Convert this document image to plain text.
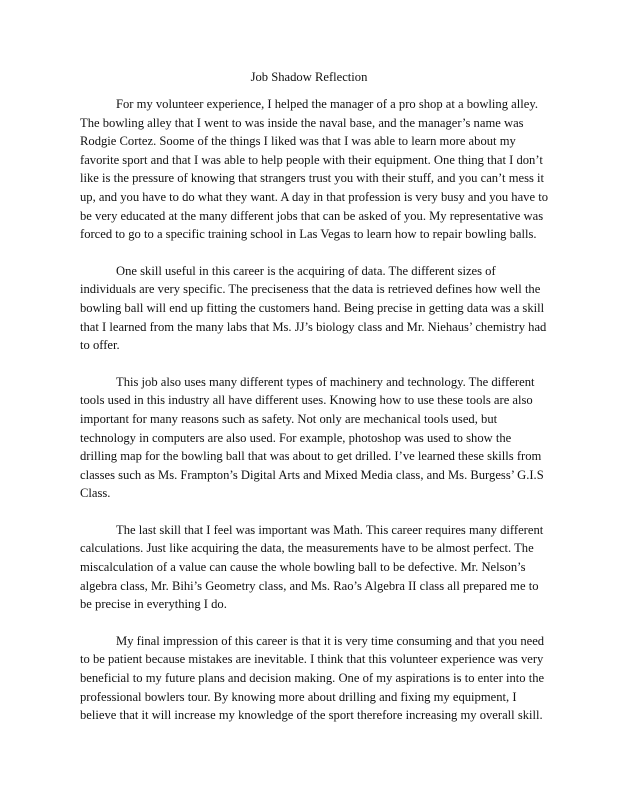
Job Shadow Reflection

For my volunteer experience, I helped the manager of a pro shop at a bowling alley. The bowling alley that I went to was inside the naval base, and the manager’s name was Rodgie Cortez. Soome of the things I liked was that I was able to learn more about my favorite sport and that I was able to help people with their equipment. One thing that I don’t like is the pressure of knowing that strangers trust you with their stuff, and you can’t mess it up, and you have to do what they want. A day in that profession is very busy and you have to be very educated at the many different jobs that can be asked of you. My representative was forced to go to a specific training school in Las Vegas to learn how to repair bowling balls.

One skill useful in this career is the acquiring of data. The different sizes of individuals are very specific. The preciseness that the data is retrieved defines how well the bowling ball will end up fitting the customers hand. Being precise in getting data was a skill that I learned from the many labs that Ms. JJ’s biology class and Mr. Niehaus’ chemistry had to offer.

This job also uses many different types of machinery and technology. The different tools used in this industry all have different uses. Knowing how to use these tools are also important for many reasons such as safety. Not only are mechanical tools used, but technology in computers are also used. For example, photoshop was used to show the drilling map for the bowling ball that was about to get drilled. I’ve learned these skills from classes such as Ms. Frampton’s Digital Arts and Mixed Media class, and Ms. Burgess’ G.I.S Class.

The last skill that I feel was important was Math. This career requires many different calculations. Just like acquiring the data, the measurements have to be almost perfect. The miscalculation of a value can cause the whole bowling ball to be defective. Mr. Nelson’s algebra class, Mr. Bihi’s Geometry class, and Ms. Rao’s Algebra II class all prepared me to be precise in everything I do.

My final impression of this career is that it is very time consuming and that you need to be patient because mistakes are inevitable. I think that this volunteer experience was very beneficial to my future plans and decision making. One of my aspirations is to enter into the professional bowlers tour. By knowing more about drilling and fixing my equipment, I believe that it will increase my knowledge of the sport therefore increasing my overall skill.
